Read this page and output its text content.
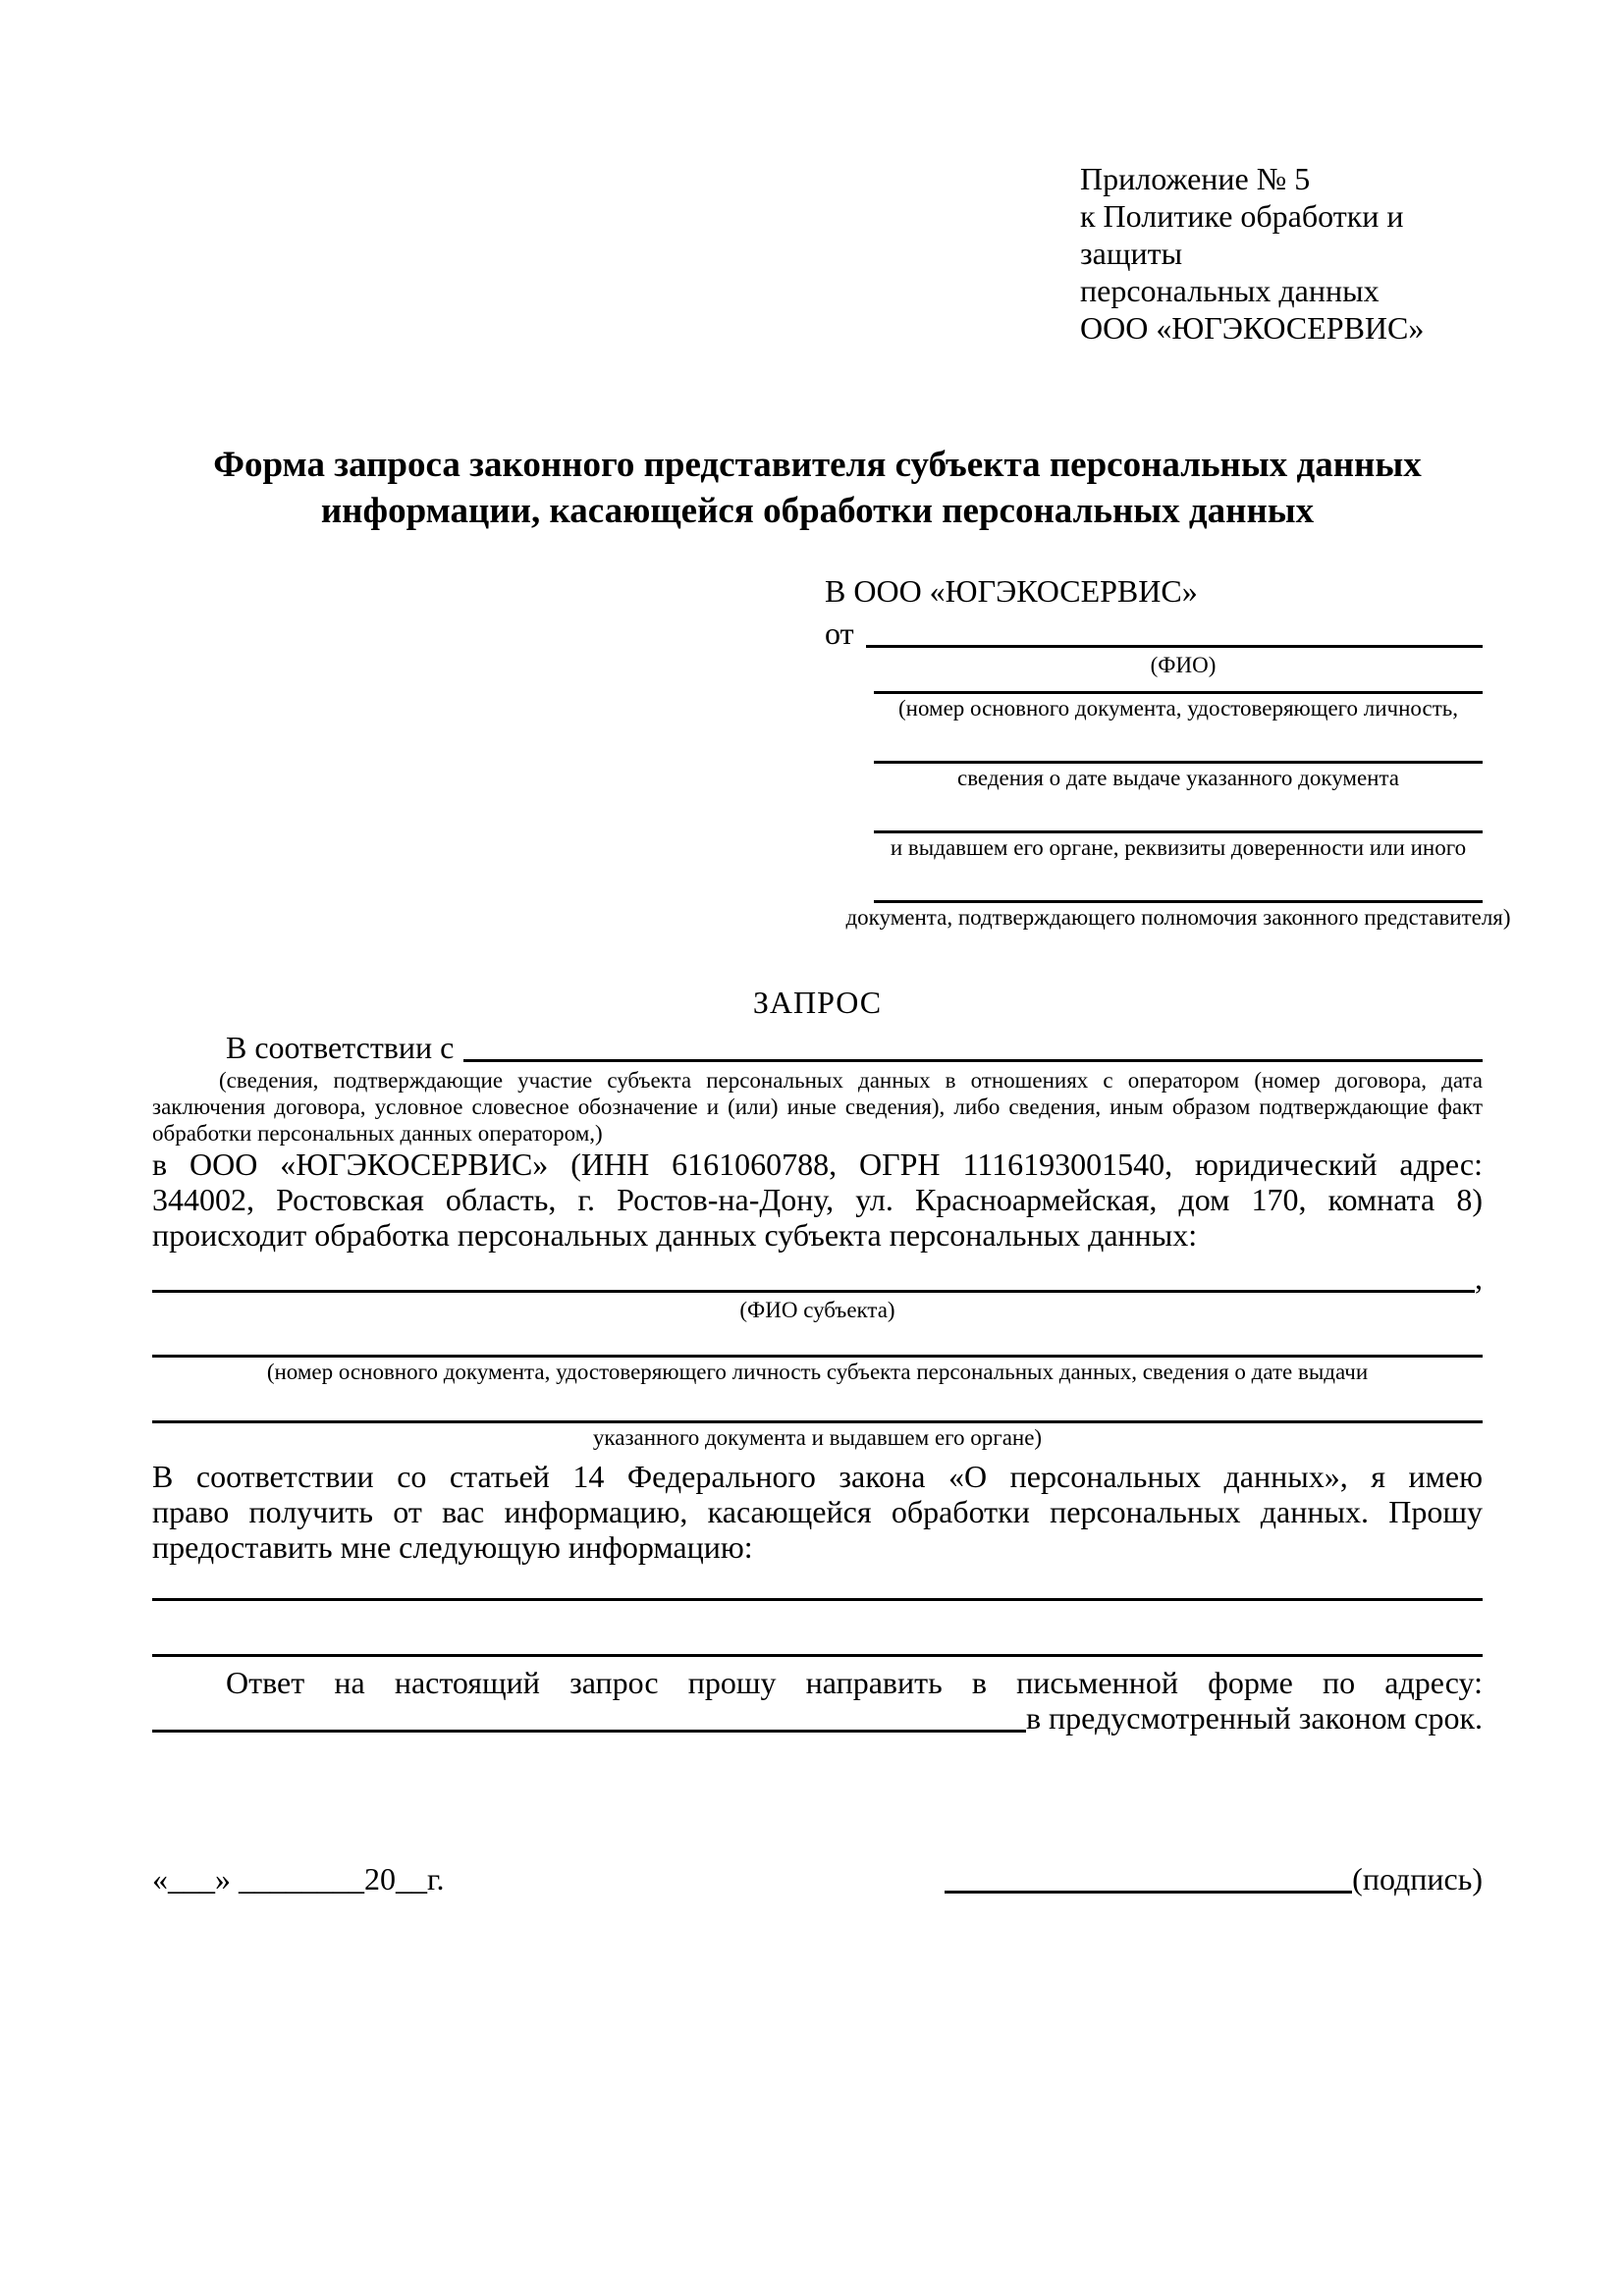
Приложение № 5
к Политике обработки и защиты
персональных данных
ООО «ЮГЭКОСЕРВИС»
Форма запроса законного представителя субъекта персональных данных
информации, касающейся обработки персональных данных
В ООО «ЮГЭКОСЕРВИС»
от
(ФИО)
(номер основного документа, удостоверяющего личность,
сведения о дате выдаче указанного документа
и выдавшем его органе, реквизиты доверенности или иного
документа, подтверждающего полномочия законного представителя)
ЗАПРОС
В соответствии с
(сведения, подтверждающие участие субъекта персональных данных в отношениях с оператором (номер договора, дата
заключения договора, условное словесное обозначение и (или) иные сведения), либо сведения, иным образом подтверждающие факт
обработки персональных данных оператором,)
в ООО «ЮГЭКОСЕРВИС» (ИНН 6161060788, ОГРН 1116193001540, юридический адрес:
344002, Ростовская область, г. Ростов-на-Дону, ул. Красноармейская, дом 170, комната 8)
происходит обработка персональных данных субъекта персональных данных:
,
(ФИО субъекта)
(номер основного документа, удостоверяющего личность субъекта персональных данных, сведения о дате выдачи
указанного документа и выдавшем его органе)
В соответствии со статьей 14 Федерального закона «О персональных данных», я имею
право получить от вас информацию, касающейся обработки персональных данных. Прошу
предоставить мне следующую информацию:
Ответ на настоящий запрос прошу направить в письменной форме по адресу:
в предусмотренный законом срок.
«___» ________20__г.	(подпись)
